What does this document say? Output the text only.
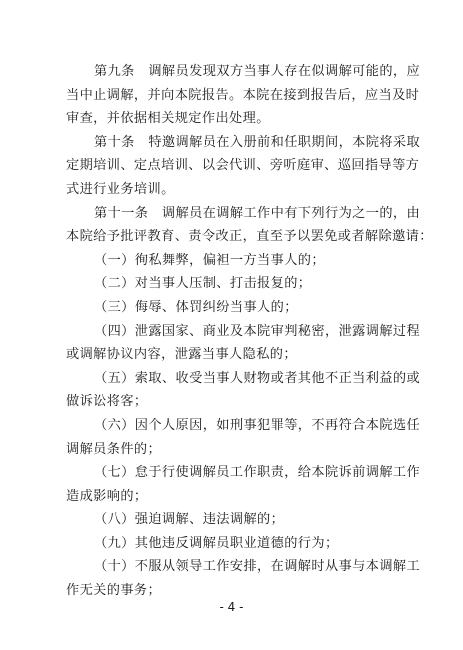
第九条　调解员发现双方当事人存在似调解可能的，应
当中止调解，并向本院报告。本院在接到报告后，应当及时
审查，并依据相关规定作出处理。
第十条　特邀调解员在入册前和任职期间，本院将采取
定期培训、定点培训、以会代训、旁听庭审、巡回指导等方
式进行业务培训。
第十一条　调解员在调解工作中有下列行为之一的，由
本院给予批评教育、责令改正，直至予以罢免或者解除邀请：
（一）徇私舞弊，偏袒一方当事人的；
（二）对当事人压制、打击报复的；
（三）侮辱、体罚纠纷当事人的；
（四）泄露国家、商业及本院审判秘密，泄露调解过程
或调解协议内容，泄露当事人隐私的；
（五）索取、收受当事人财物或者其他不正当利益的或
做诉讼将客；
（六）因个人原因，如刑事犯罪等，不再符合本院选任
调解员条件的；
（七）怠于行使调解员工作职责，给本院诉前调解工作
造成影响的；
（八）强迫调解、违法调解的；
（九）其他违反调解员职业道德的行为；
（十）不服从领导工作安排，在调解时从事与本调解工
作无关的事务；
- 4 -
